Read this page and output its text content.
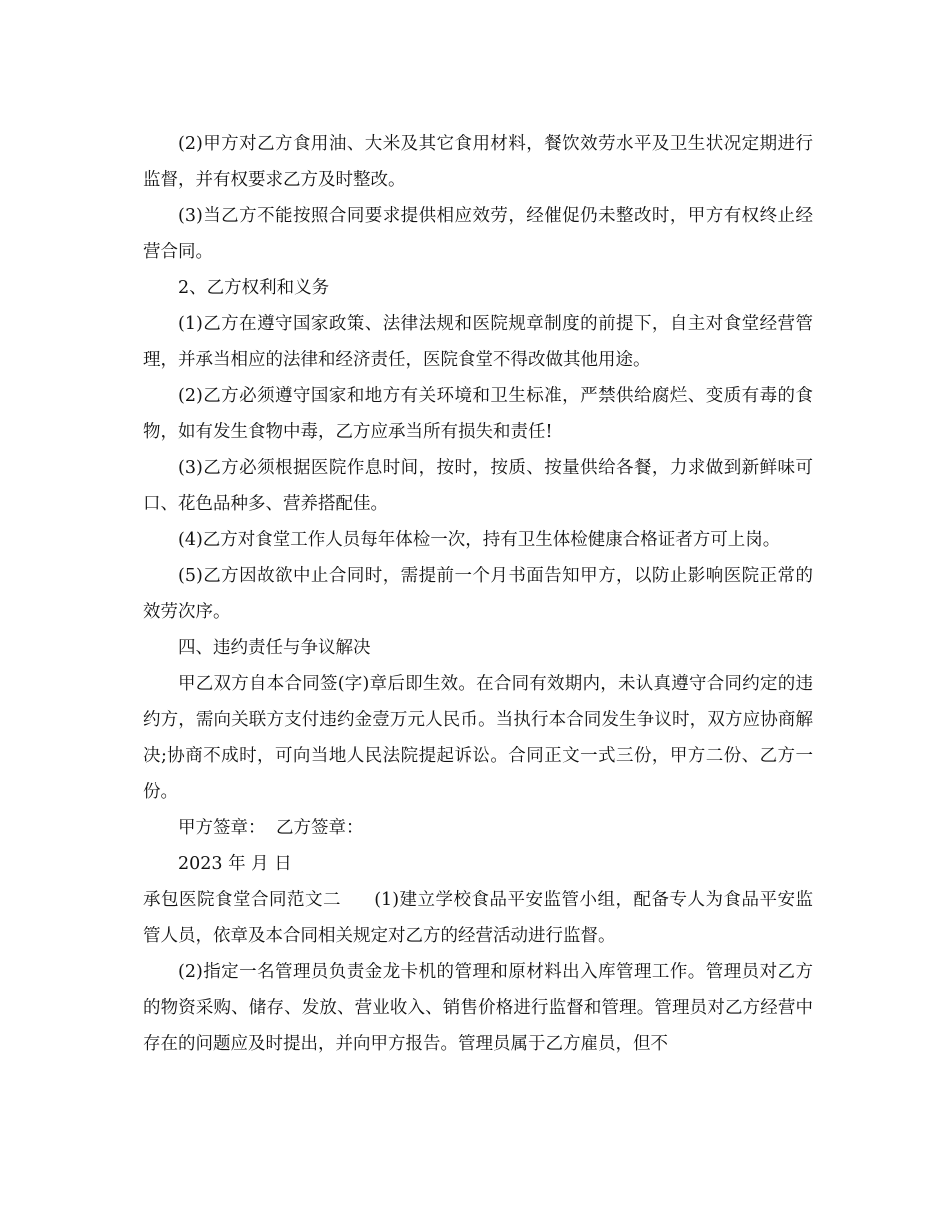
(2)甲方对乙方食用油、大米及其它食用材料，餐饮效劳水平及卫生状况定期进行监督，并有权要求乙方及时整改。

(3)当乙方不能按照合同要求提供相应效劳，经催促仍未整改时，甲方有权终止经营合同。

2、乙方权利和义务

(1)乙方在遵守国家政策、法律法规和医院规章制度的前提下，自主对食堂经营管理，并承当相应的法律和经济责任，医院食堂不得改做其他用途。

(2)乙方必须遵守国家和地方有关环境和卫生标准，严禁供给腐烂、变质有毒的食物，如有发生食物中毒，乙方应承当所有损失和责任!

(3)乙方必须根据医院作息时间，按时，按质、按量供给各餐，力求做到新鲜味可口、花色品种多、营养搭配佳。

(4)乙方对食堂工作人员每年体检一次，持有卫生体检健康合格证者方可上岗。

(5)乙方因故欲中止合同时，需提前一个月书面告知甲方，以防止影响医院正常的效劳次序。

四、违约责任与争议解决

甲乙双方自本合同签(字)章后即生效。在合同有效期内，未认真遵守合同约定的违约方，需向关联方支付违约金壹万元人民币。当执行本合同发生争议时，双方应协商解决;协商不成时，可向当地人民法院提起诉讼。合同正文一式三份，甲方二份、乙方一份。

甲方签章： 乙方签章：

2023 年 月 日

承包医院食堂合同范文二 (1)建立学校食品平安监管小组，配备专人为食品平安监管人员，依章及本合同相关规定对乙方的经营活动进行监督。

(2)指定一名管理员负责金龙卡机的管理和原材料出入库管理工作。管理员对乙方的物资采购、储存、发放、营业收入、销售价格进行监督和管理。管理员对乙方经营中存在的问题应及时提出，并向甲方报告。管理员属于乙方雇员，但不
